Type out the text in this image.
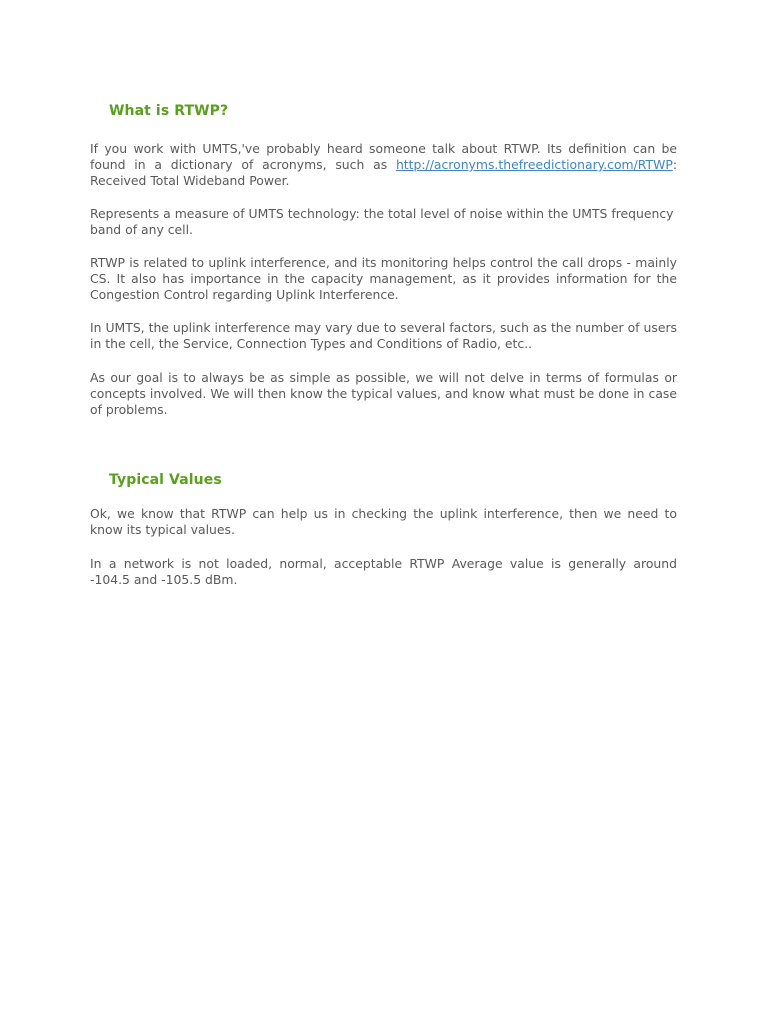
What is RTWP?

If you work with UMTS,'ve probably heard someone talk about RTWP. Its definition can be found in a dictionary of acronyms, such as http://acronyms.thefreedictionary.com/RTWP: Received Total Wideband Power.

Represents a measure of UMTS technology: the total level of noise within the UMTS frequency band of any cell.

RTWP is related to uplink interference, and its monitoring helps control the call drops - mainly CS. It also has importance in the capacity management, as it provides information for the Congestion Control regarding Uplink Interference.

In UMTS, the uplink interference may vary due to several factors, such as the number of users in the cell, the Service, Connection Types and Conditions of Radio, etc..

As our goal is to always be as simple as possible, we will not delve in terms of formulas or concepts involved. We will then know the typical values, and know what must be done in case of problems.

Typical Values

Ok, we know that RTWP can help us in checking the uplink interference, then we need to know its typical values.

In a network is not loaded, normal, acceptable RTWP Average value is generally around -104.5 and -105.5 dBm.
